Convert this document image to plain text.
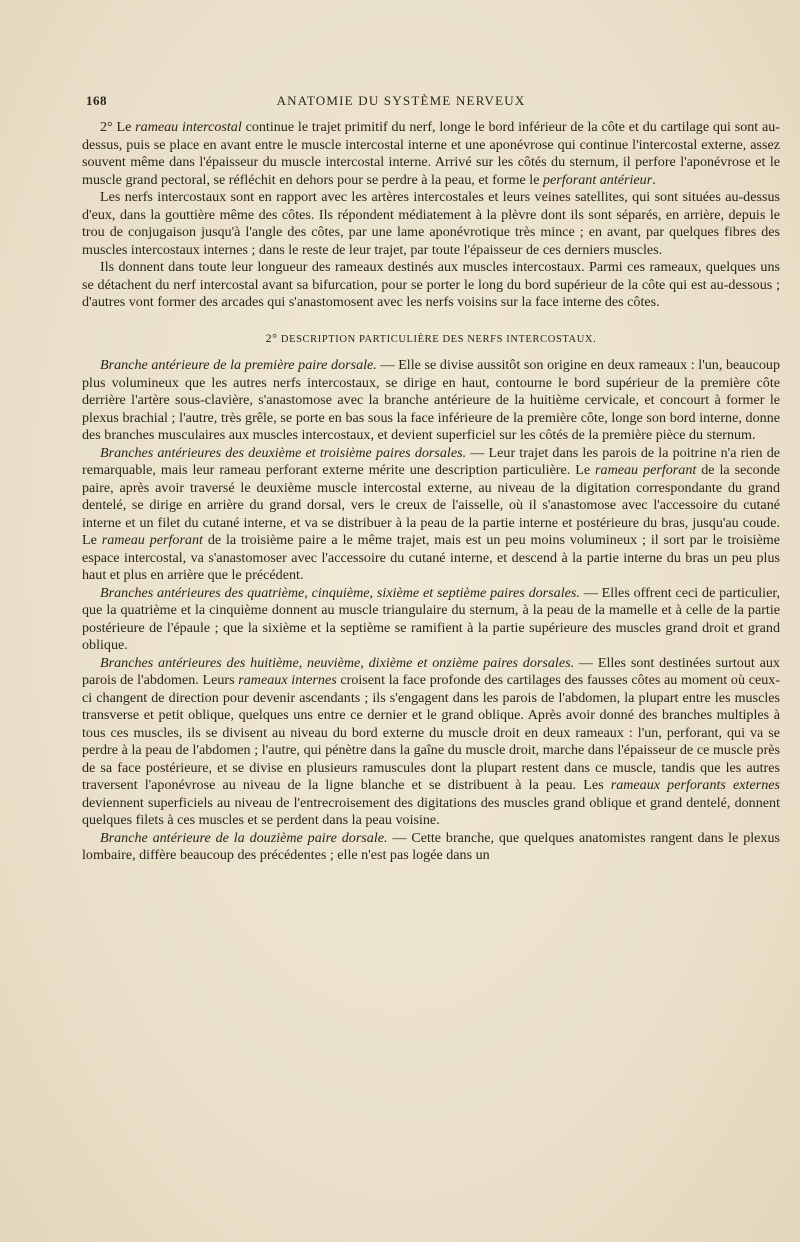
168	ANATOMIE DU SYSTÈME NERVEUX

2° Le rameau intercostal continue le trajet primitif du nerf, longe le bord inférieur de la côte et du cartilage qui sont au-dessus, puis se place en avant entre le muscle intercostal interne et une aponévrose qui continue l'intercostal externe, assez souvent même dans l'épaisseur du muscle intercostal interne. Arrivé sur les côtés du sternum, il perfore l'aponévrose et le muscle grand pectoral, se réfléchit en dehors pour se perdre à la peau, et forme le perforant antérieur.

Les nerfs intercostaux sont en rapport avec les artères intercostales et leurs veines satellites, qui sont situées au-dessus d'eux, dans la gouttière même des côtes. Ils répondent médiatement à la plèvre dont ils sont séparés, en arrière, depuis le trou de conjugaison jusqu'à l'angle des côtes, par une lame aponévrotique très mince ; en avant, par quelques fibres des muscles intercostaux internes ; dans le reste de leur trajet, par toute l'épaisseur de ces derniers muscles.

Ils donnent dans toute leur longueur des rameaux destinés aux muscles intercostaux. Parmi ces rameaux, quelques uns se détachent du nerf intercostal avant sa bifurcation, pour se porter le long du bord supérieur de la côte qui est au-dessous ; d'autres vont former des arcades qui s'anastomosent avec les nerfs voisins sur la face interne des côtes.

2° DESCRIPTION PARTICULIÈRE DES NERFS INTERCOSTAUX.

Branche antérieure de la première paire dorsale. — Elle se divise aussitôt son origine en deux rameaux : l'un, beaucoup plus volumineux que les autres nerfs intercostaux, se dirige en haut, contourne le bord supérieur de la première côte derrière l'artère sous-clavière, s'anastomose avec la branche antérieure de la huitième cervicale, et concourt à former le plexus brachial ; l'autre, très grêle, se porte en bas sous la face inférieure de la première côte, longe son bord interne, donne des branches musculaires aux muscles intercostaux, et devient superficiel sur les côtés de la première pièce du sternum.

Branches antérieures des deuxième et troisième paires dorsales. — Leur trajet dans les parois de la poitrine n'a rien de remarquable, mais leur rameau perforant externe mérite une description particulière. Le rameau perforant de la seconde paire, après avoir traversé le deuxième muscle intercostal externe, au niveau de la digitation correspondante du grand dentelé, se dirige en arrière du grand dorsal, vers le creux de l'aisselle, où il s'anastomose avec l'accessoire du cutané interne et un filet du cutané interne, et va se distribuer à la peau de la partie interne et postérieure du bras, jusqu'au coude. Le rameau perforant de la troisième paire a le même trajet, mais est un peu moins volumineux ; il sort par le troisième espace intercostal, va s'anastomoser avec l'accessoire du cutané interne, et descend à la partie interne du bras un peu plus haut et plus en arrière que le précédent.

Branches antérieures des quatrième, cinquième, sixième et septième paires dorsales. — Elles offrent ceci de particulier, que la quatrième et la cinquième donnent au muscle triangulaire du sternum, à la peau de la mamelle et à celle de la partie postérieure de l'épaule ; que la sixième et la septième se ramifient à la partie supérieure des muscles grand droit et grand oblique.

Branches antérieures des huitième, neuvième, dixième et onzième paires dorsales. — Elles sont destinées surtout aux parois de l'abdomen. Leurs rameaux internes croisent la face profonde des cartilages des fausses côtes au moment où ceux-ci changent de direction pour devenir ascendants ; ils s'engagent dans les parois de l'abdomen, la plupart entre les muscles transverse et petit oblique, quelques uns entre ce dernier et le grand oblique. Après avoir donné des branches multiples à tous ces muscles, ils se divisent au niveau du bord externe du muscle droit en deux rameaux : l'un, perforant, qui va se perdre à la peau de l'abdomen ; l'autre, qui pénètre dans la gaîne du muscle droit, marche dans l'épaisseur de ce muscle près de sa face postérieure, et se divise en plusieurs ramuscules dont la plupart restent dans ce muscle, tandis que les autres traversent l'aponévrose au niveau de la ligne blanche et se distribuent à la peau. Les rameaux perforants externes deviennent superficiels au niveau de l'entrecroisement des digitations des muscles grand oblique et grand dentelé, donnent quelques filets à ces muscles et se perdent dans la peau voisine.

Branche antérieure de la douzième paire dorsale. — Cette branche, que quelques anatomistes rangent dans le plexus lombaire, diffère beaucoup des précédentes ; elle n'est pas logée dans un
